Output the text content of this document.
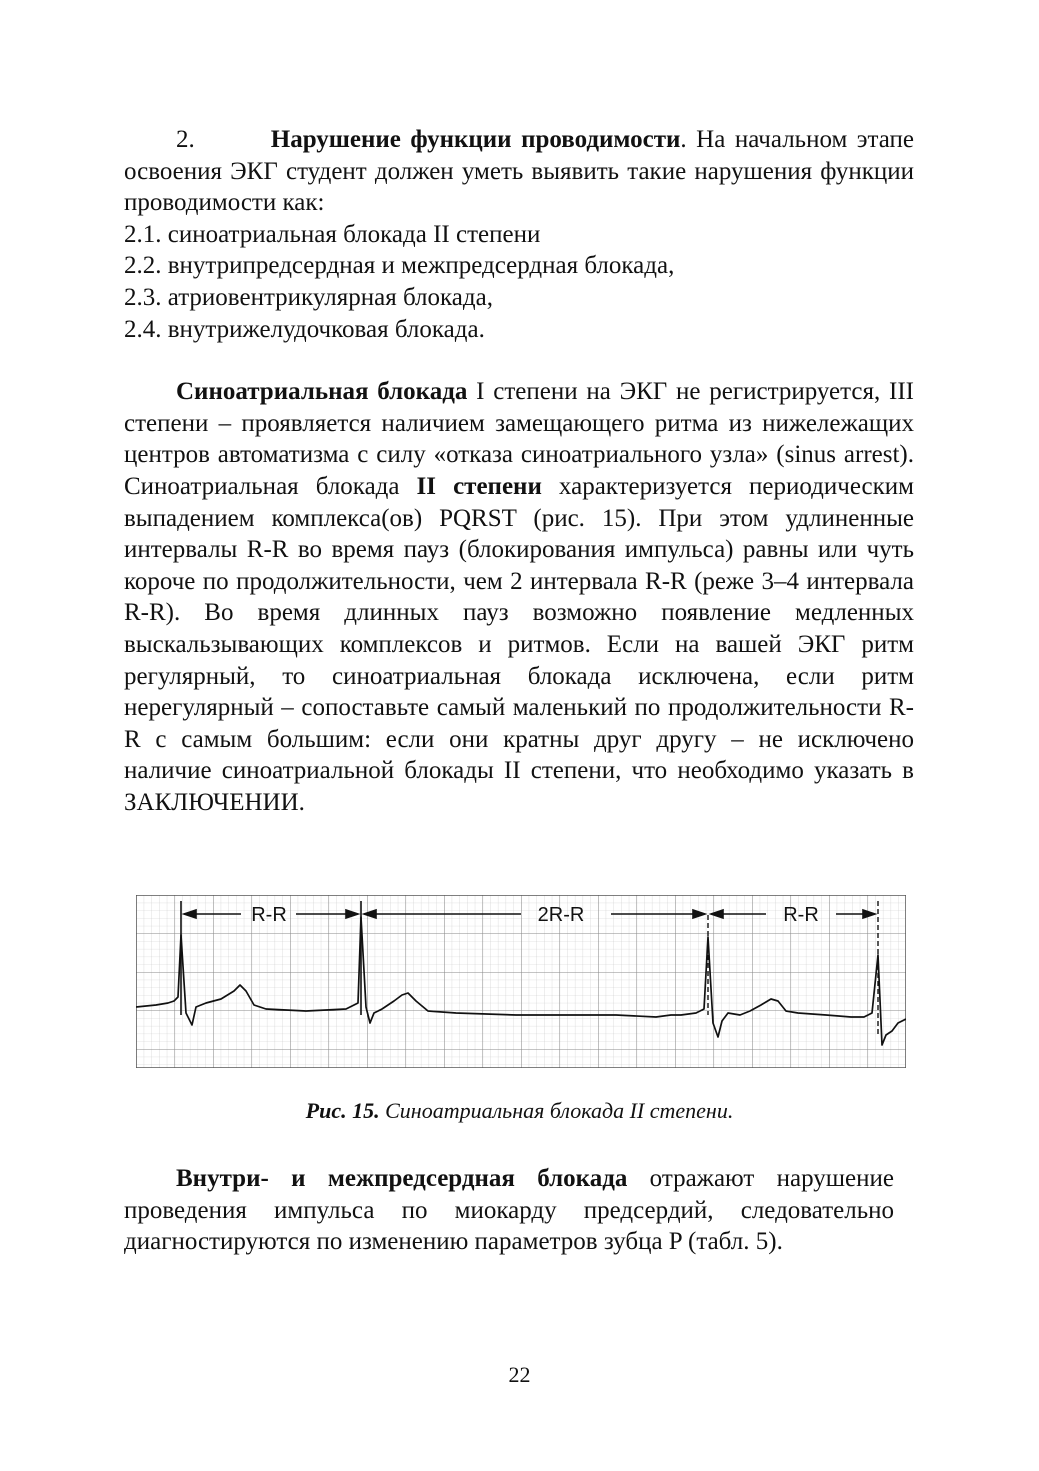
2.	Нарушение функции проводимости. На начальном этапе освоения ЭКГ студент должен уметь выявить такие нарушения функции проводимости как:

2.1. синоатриальная блокада II степени

2.2. внутрипредсердная и межпредсердная блокада,

2.3. атриовентрикулярная блокада,

2.4. внутрижелудочковая блокада.

Синоатриальная блокада I степени на ЭКГ не регистрируется, III степени – проявляется наличием замещающего ритма из нижележащих центров автоматизма с силу «отказа синоатриального узла» (sinus arrest). Синоатриальная блокада II степени характеризуется периодическим выпадением комплекса(ов) PQRST (рис. 15). При этом удлиненные интервалы R-R во время пауз (блокирования импульса) равны или чуть короче по продолжительности, чем 2 интервала R-R (реже 3–4 интервала R-R). Во время длинных пауз возможно появление медленных выскальзывающих комплексов и ритмов. Если на вашей ЭКГ ритм регулярный, то синоатриальная блокада исключена, если ритм нерегулярный – сопоставьте самый маленький по продолжительности R-R с самым большим: если они кратны друг другу – не исключено наличие синоатриальной блокады II степени, что необходимо указать в ЗАКЛЮЧЕНИИ.

R-R	2R-R	R-R
Рис. 15. Синоатриальная блокада II степени.

Внутри- и межпредсердная блокада отражают нарушение проведения импульса по миокарду предсердий, следовательно диагностируются по изменению параметров зубца P (табл. 5).

22
